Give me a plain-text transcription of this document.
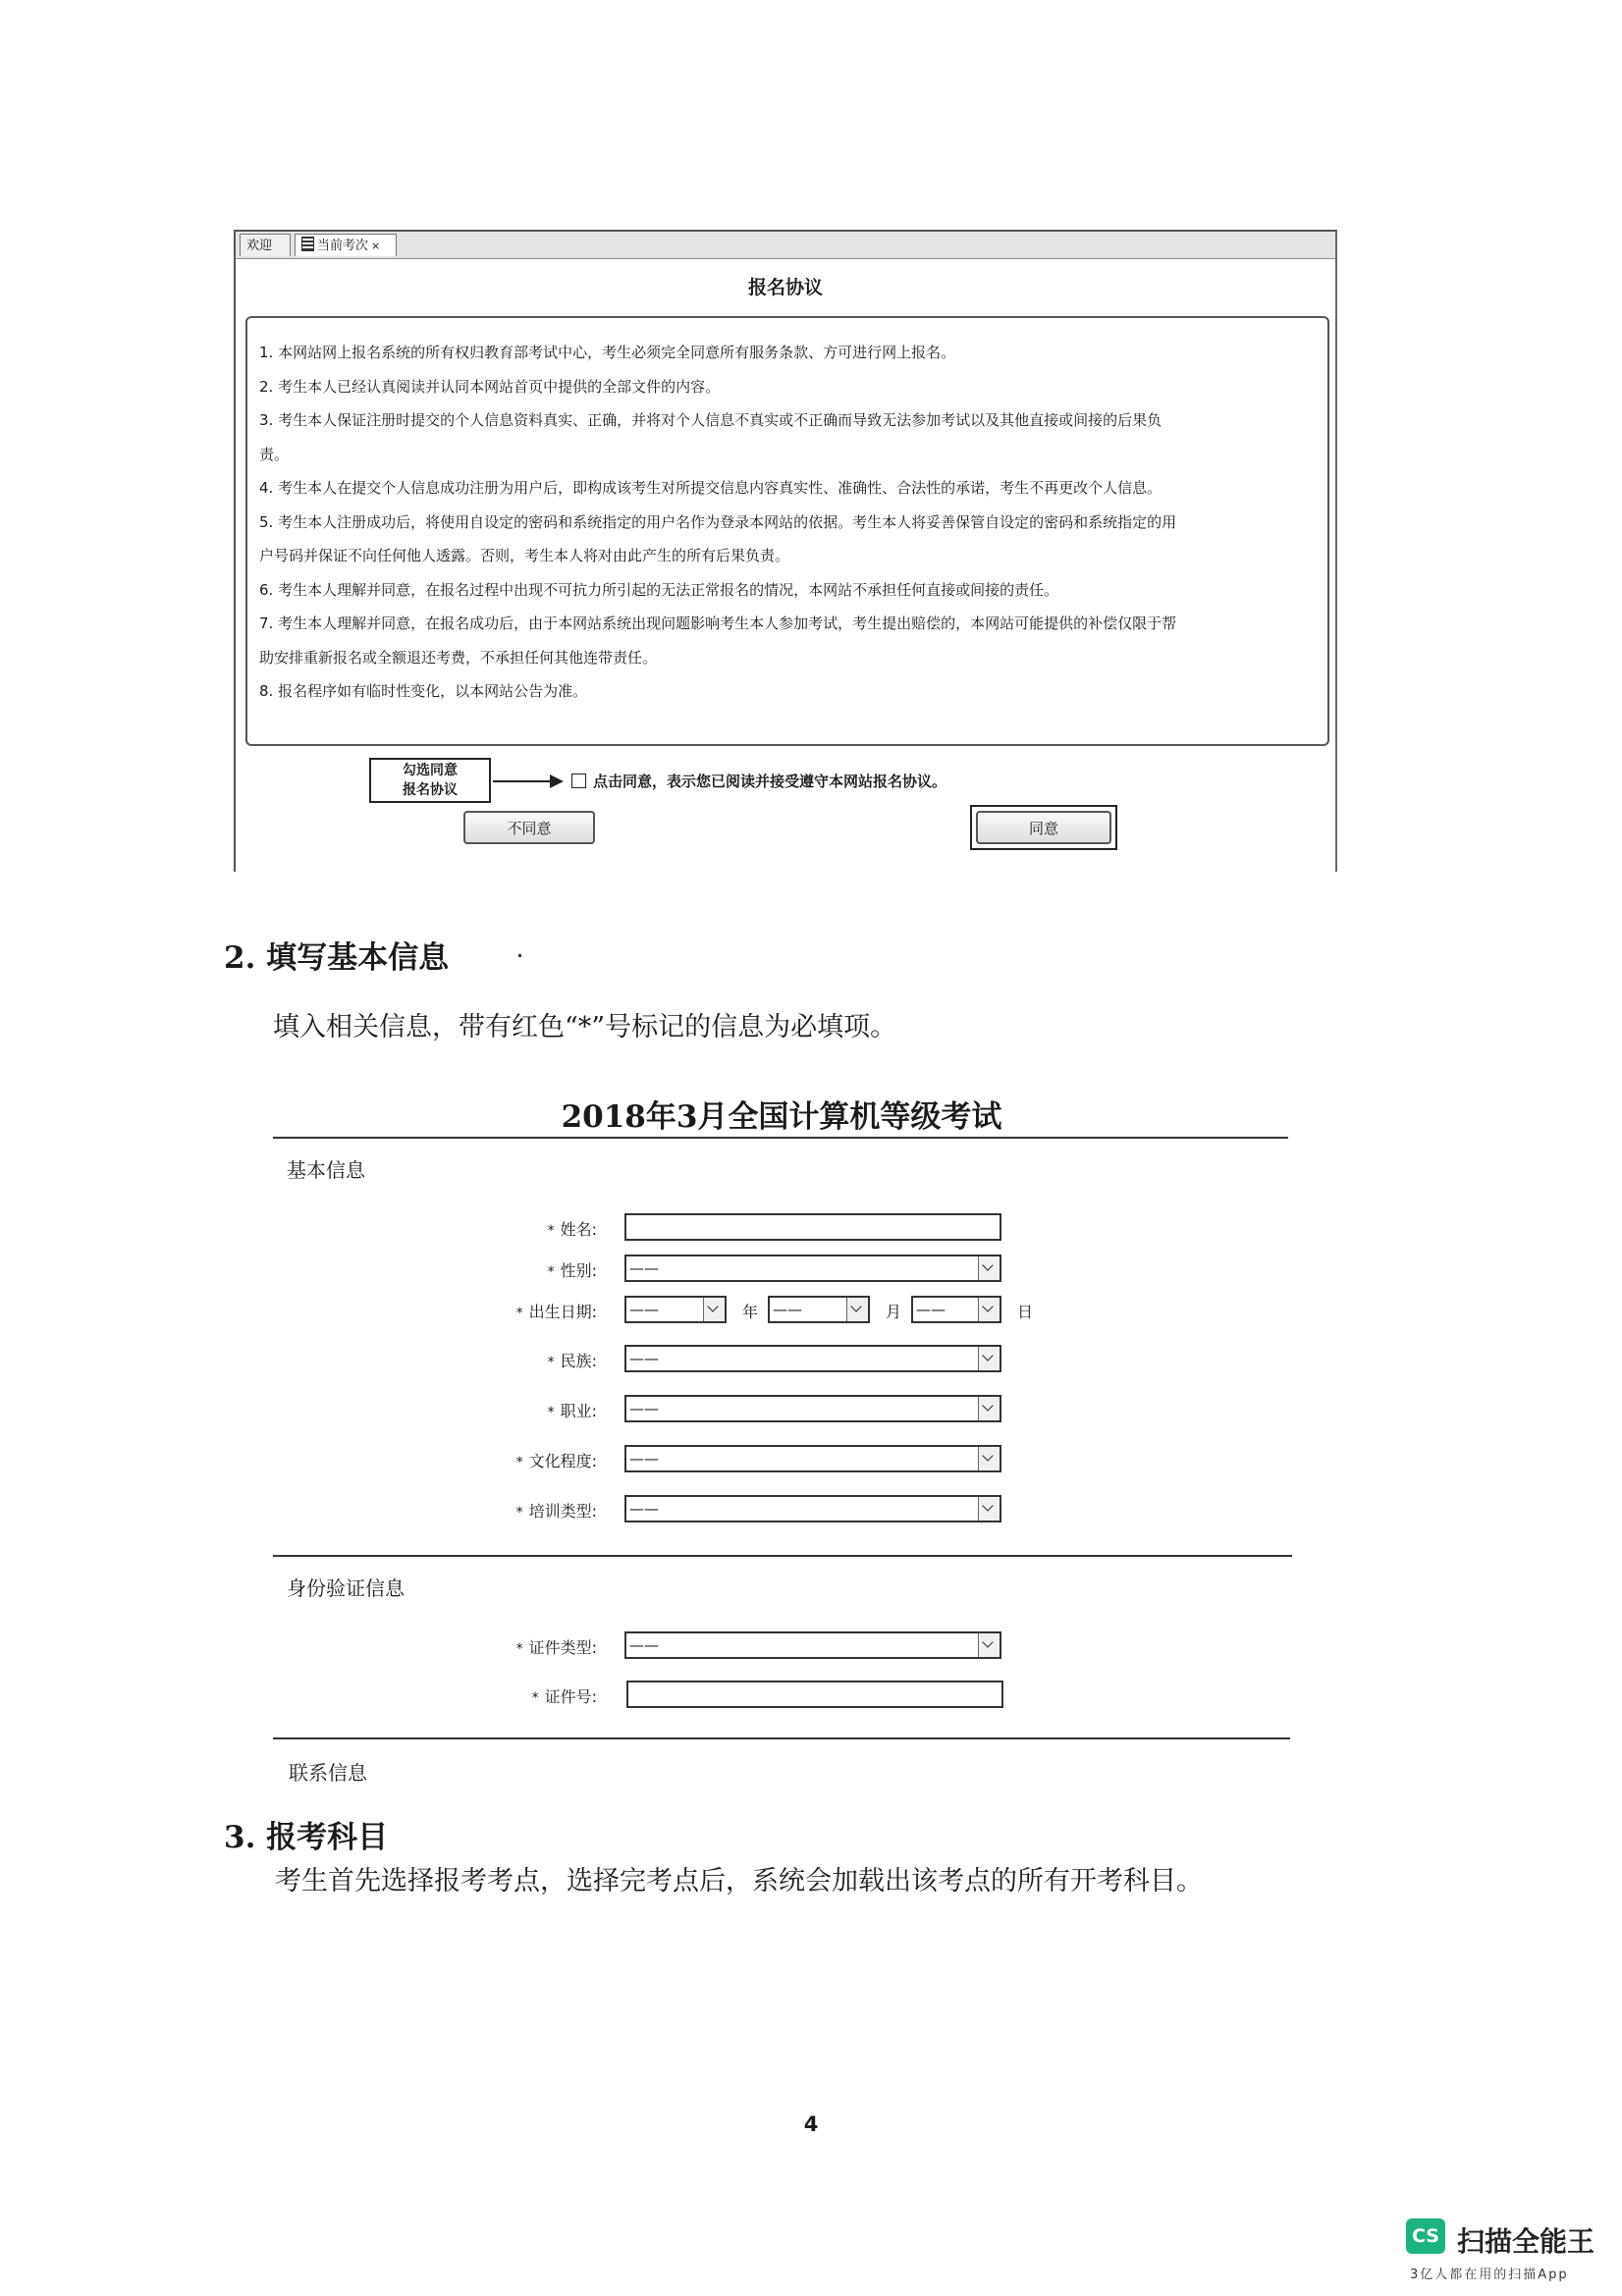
欢迎	当前考次 ×
报名协议

1. 本网站网上报名系统的所有权归教育部考试中心，考生必须完全同意所有服务条款、方可进行网上报名。

2. 考生本人已经认真阅读并认同本网站首页中提供的全部文件的内容。

3. 考生本人保证注册时提交的个人信息资料真实、正确，并将对个人信息不真实或不正确而导致无法参加考试以及其他直接或间接的后果负

责。

4. 考生本人在提交个人信息成功注册为用户后，即构成该考生对所提交信息内容真实性、准确性、合法性的承诺，考生不再更改个人信息。

5. 考生本人注册成功后，将使用自设定的密码和系统指定的用户名作为登录本网站的依据。考生本人将妥善保管自设定的密码和系统指定的用

户号码并保证不向任何他人透露。否则，考生本人将对由此产生的所有后果负责。

6. 考生本人理解并同意，在报名过程中出现不可抗力所引起的无法正常报名的情况，本网站不承担任何直接或间接的责任。

7. 考生本人理解并同意，在报名成功后，由于本网站系统出现问题影响考生本人参加考试，考生提出赔偿的，本网站可能提供的补偿仅限于帮

助安排重新报名或全额退还考费，不承担任何其他连带责任。

8. 报名程序如有临时性变化，以本网站公告为准。

勾选同意
报名协议	点击同意，表示您已阅读并接受遵守本网站报名协议。
不同意	同意
2. 填写基本信息
填入相关信息，带有红色“*”号标记的信息为必填项。
2018年3月全国计算机等级考试
基本信息
* 姓名:
* 性别:	——
* 出生日期:	——	年 ——	月 ——	日
* 民族:	——
* 职业:	——
* 文化程度:	——
* 培训类型:	——
身份验证信息
* 证件类型:	——
* 证件号:
联系信息
3. 报考科目
考生首先选择报考考点，选择完考点后，系统会加载出该考点的所有开考科目。
4
CS 扫描全能王
3亿人都在用的扫描App
